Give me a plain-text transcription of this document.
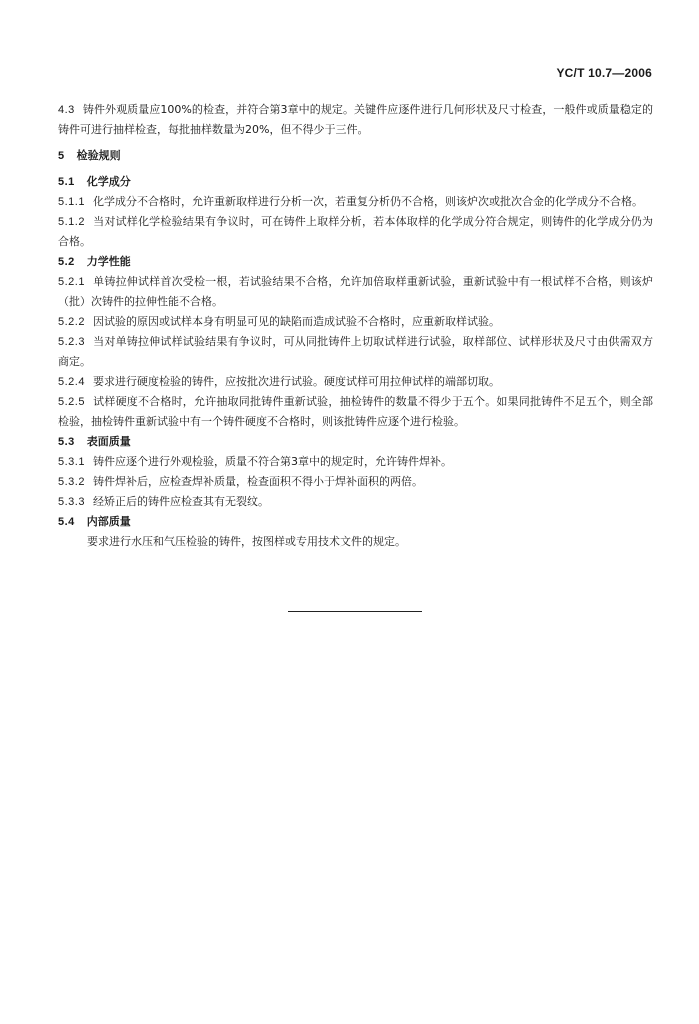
YC/T 10.7—2006

4.3 铸件外观质量应100%的检查，并符合第3章中的规定。关键件应逐件进行几何形状及尺寸检查，一般件或质量稳定的铸件可进行抽样检查，每批抽样数量为20%，但不得少于三件。

5 检验规则

5.1 化学成分

5.1.1 化学成分不合格时，允许重新取样进行分析一次，若重复分析仍不合格，则该炉次或批次合金的化学成分不合格。

5.1.2 当对试样化学检验结果有争议时，可在铸件上取样分析，若本体取样的化学成分符合规定，则铸件的化学成分仍为合格。

5.2 力学性能

5.2.1 单铸拉伸试样首次受检一根，若试验结果不合格，允许加倍取样重新试验，重新试验中有一根试样不合格，则该炉（批）次铸件的拉伸性能不合格。

5.2.2 因试验的原因或试样本身有明显可见的缺陷而造成试验不合格时，应重新取样试验。

5.2.3 当对单铸拉伸试样试验结果有争议时，可从同批铸件上切取试样进行试验，取样部位、试样形状及尺寸由供需双方商定。

5.2.4 要求进行硬度检验的铸件，应按批次进行试验。硬度试样可用拉伸试样的端部切取。

5.2.5 试样硬度不合格时，允许抽取同批铸件重新试验，抽检铸件的数量不得少于五个。如果同批铸件不足五个，则全部检验，抽检铸件重新试验中有一个铸件硬度不合格时，则该批铸件应逐个进行检验。

5.3 表面质量

5.3.1 铸件应逐个进行外观检验，质量不符合第3章中的规定时，允许铸件焊补。

5.3.2 铸件焊补后，应检查焊补质量，检查面积不得小于焊补面积的两倍。

5.3.3 经矫正后的铸件应检查其有无裂纹。

5.4 内部质量

要求进行水压和气压检验的铸件，按图样或专用技术文件的规定。
